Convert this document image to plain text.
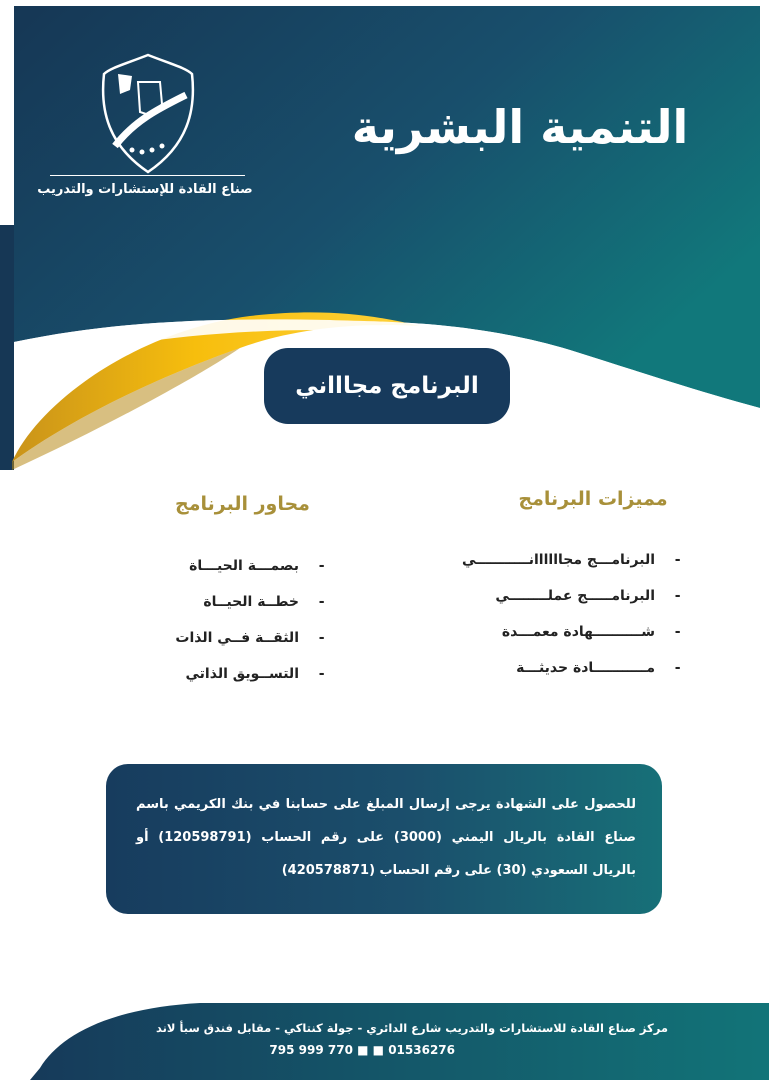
صناع القادة للإستشارات والتدريب
التنمية البشرية
البرنامج مجاااني
مميزات البرنامج
محاور البرنامج
-
البرنامـــج مجاااااانـــــــــــي
-
البرنامـــــج عملــــــــي
-
شــــــــــهادة معمـــدة
-
مـــــــــــادة حديثـــة
-
بصمـــة الحيـــاة
-
خطــة الحيــاة
-
الثقــة فــي الذات
-
التســويق الذاتي
للحصول على الشهادة يرجى إرسال المبلغ على حسابنا في بنك الكريمي باسم صناع القادة بالريال اليمني (3000) على رقم الحساب (120598791) أو بالريال السعودي (30) على رقم الحساب (420578871)
مركز صناع القادة للاستشارات والتدريب شارع الدائري - جولة كنتاكي - مقابل فندق سبأ لاند
01536276 ■ ■ 770 999 795
